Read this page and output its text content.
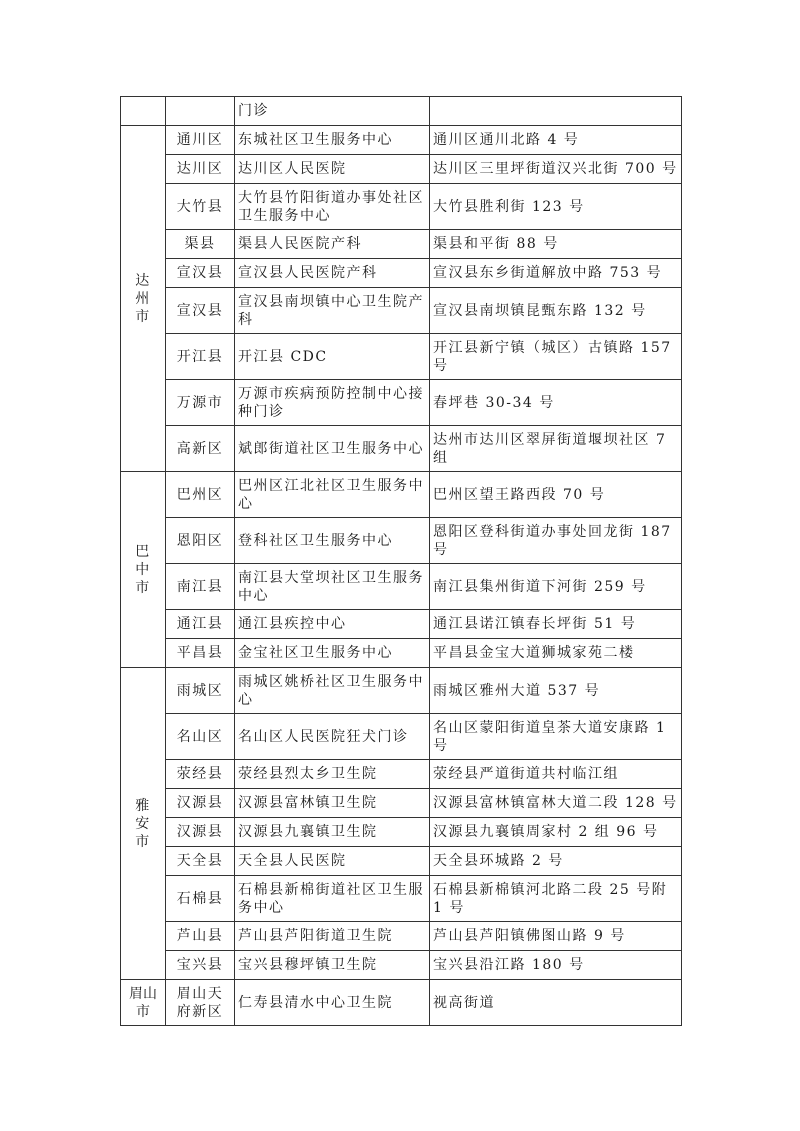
		门诊	
达州市	通川区	东城社区卫生服务中心	通川区通川北路 4 号
	达川区	达川区人民医院	达川区三里坪街道汉兴北街 700 号
	大竹县	大竹县竹阳街道办事处社区卫生服务中心	大竹县胜利街 123 号
	渠县	渠县人民医院产科	渠县和平街 88 号
	宣汉县	宣汉县人民医院产科	宣汉县东乡街道解放中路 753 号
	宣汉县	宣汉县南坝镇中心卫生院产科	宣汉县南坝镇昆甄东路 132 号
	开江县	开江县 CDC	开江县新宁镇（城区）古镇路 157 号
	万源市	万源市疾病预防控制中心接种门诊	春坪巷 30-34 号
	高新区	斌郎街道社区卫生服务中心	达州市达川区翠屏街道堰坝社区 7 组
巴中市	巴州区	巴州区江北社区卫生服务中心	巴州区望王路西段 70 号
	恩阳区	登科社区卫生服务中心	恩阳区登科街道办事处回龙街 187 号
	南江县	南江县大堂坝社区卫生服务中心	南江县集州街道下河街 259 号
	通江县	通江县疾控中心	通江县诺江镇春长坪街 51 号
	平昌县	金宝社区卫生服务中心	平昌县金宝大道狮城家苑二楼
雅安市	雨城区	雨城区姚桥社区卫生服务中心	雨城区雅州大道 537 号
	名山区	名山区人民医院狂犬门诊	名山区蒙阳街道皇茶大道安康路 1 号
	荥经县	荥经县烈太乡卫生院	荥经县严道街道共村临江组
	汉源县	汉源县富林镇卫生院	汉源县富林镇富林大道二段 128 号
	汉源县	汉源县九襄镇卫生院	汉源县九襄镇周家村 2 组 96 号
	天全县	天全县人民医院	天全县环城路 2 号
	石棉县	石棉县新棉街道社区卫生服务中心	石棉县新棉镇河北路二段 25 号附 1 号
	芦山县	芦山县芦阳街道卫生院	芦山县芦阳镇佛图山路 9 号
	宝兴县	宝兴县穆坪镇卫生院	宝兴县沿江路 180 号
眉山市	眉山天府新区	仁寿县清水中心卫生院	视高街道
